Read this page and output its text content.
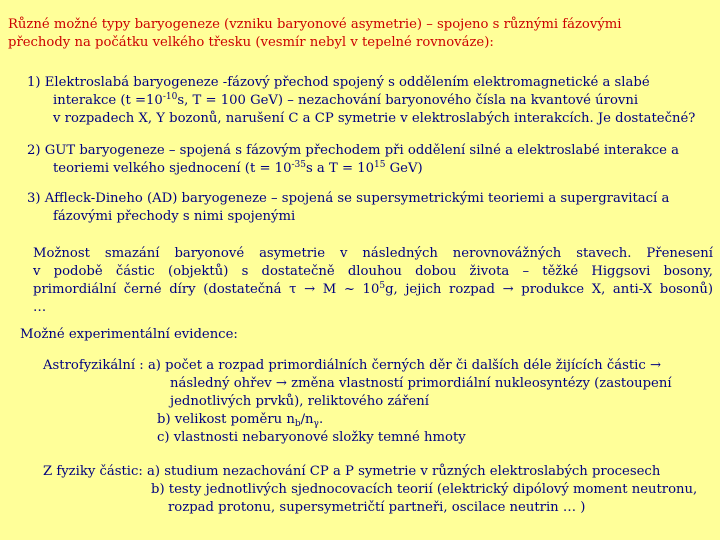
Různé možné typy baryogeneze (vzniku baryonové asymetrie) – spojeno s různými fázovými
přechody na počátku velkého třesku (vesmír nebyl v tepelné rovnováze):
1) Elektroslabá baryogeneze -fázový přechod spojený s oddělením elektromagnetické a slabé
interakce ($t =10^{-10}s$, T = 100 GeV) – nezachování baryonového čísla na kvantové úrovni
v rozpadech X, Y bozonů, narušení C a CP symetrie v elektroslabých interakcích. Je dostatečné?
2) GUT baryogeneze – spojená s fázovým přechodem při oddělení silné a elektroslabé interakce a
teoriemi velkého sjednocení ($t = 10^{-35}s$ a $T = 10^{15}$ GeV)
3) Affleck-Dineho (AD) baryogeneze – spojená se supersymetrickými teoriemi a supergravitací a
fázovými přechody s nimi spojenými
Možnost smazání baryonové asymetrie v následných nerovnovážných stavech. Přenesení
v podobě částic (objektů) s dostatečně dlouhou dobou života – těžké Higgsovi bosony,
primordiální černé díry (dostatečná τ → M ~ $10^5g$, jejich rozpad → produkce X, anti-X bosonů)
…
Možné experimentální evidence:
Astrofyzikální : a) počet a rozpad primordiálních černých děr či dalších déle žijících částic →
následný ohřev → změna vlastností primordiální nukleosyntézy (zastoupení
jednotlivých prvků), reliktového záření
b) velikost poměru $n_b/n_\gamma$.
c) vlastnosti nebaryonové složky temné hmoty
Z fyziky částic: a) studium nezachování CP a P symetrie v různých elektroslabých procesech
b) testy jednotlivých sjednocovacích teorií (elektrický dipólový moment neutronu,
rozpad protonu, supersymetričtí partneři, oscilace neutrin … )
